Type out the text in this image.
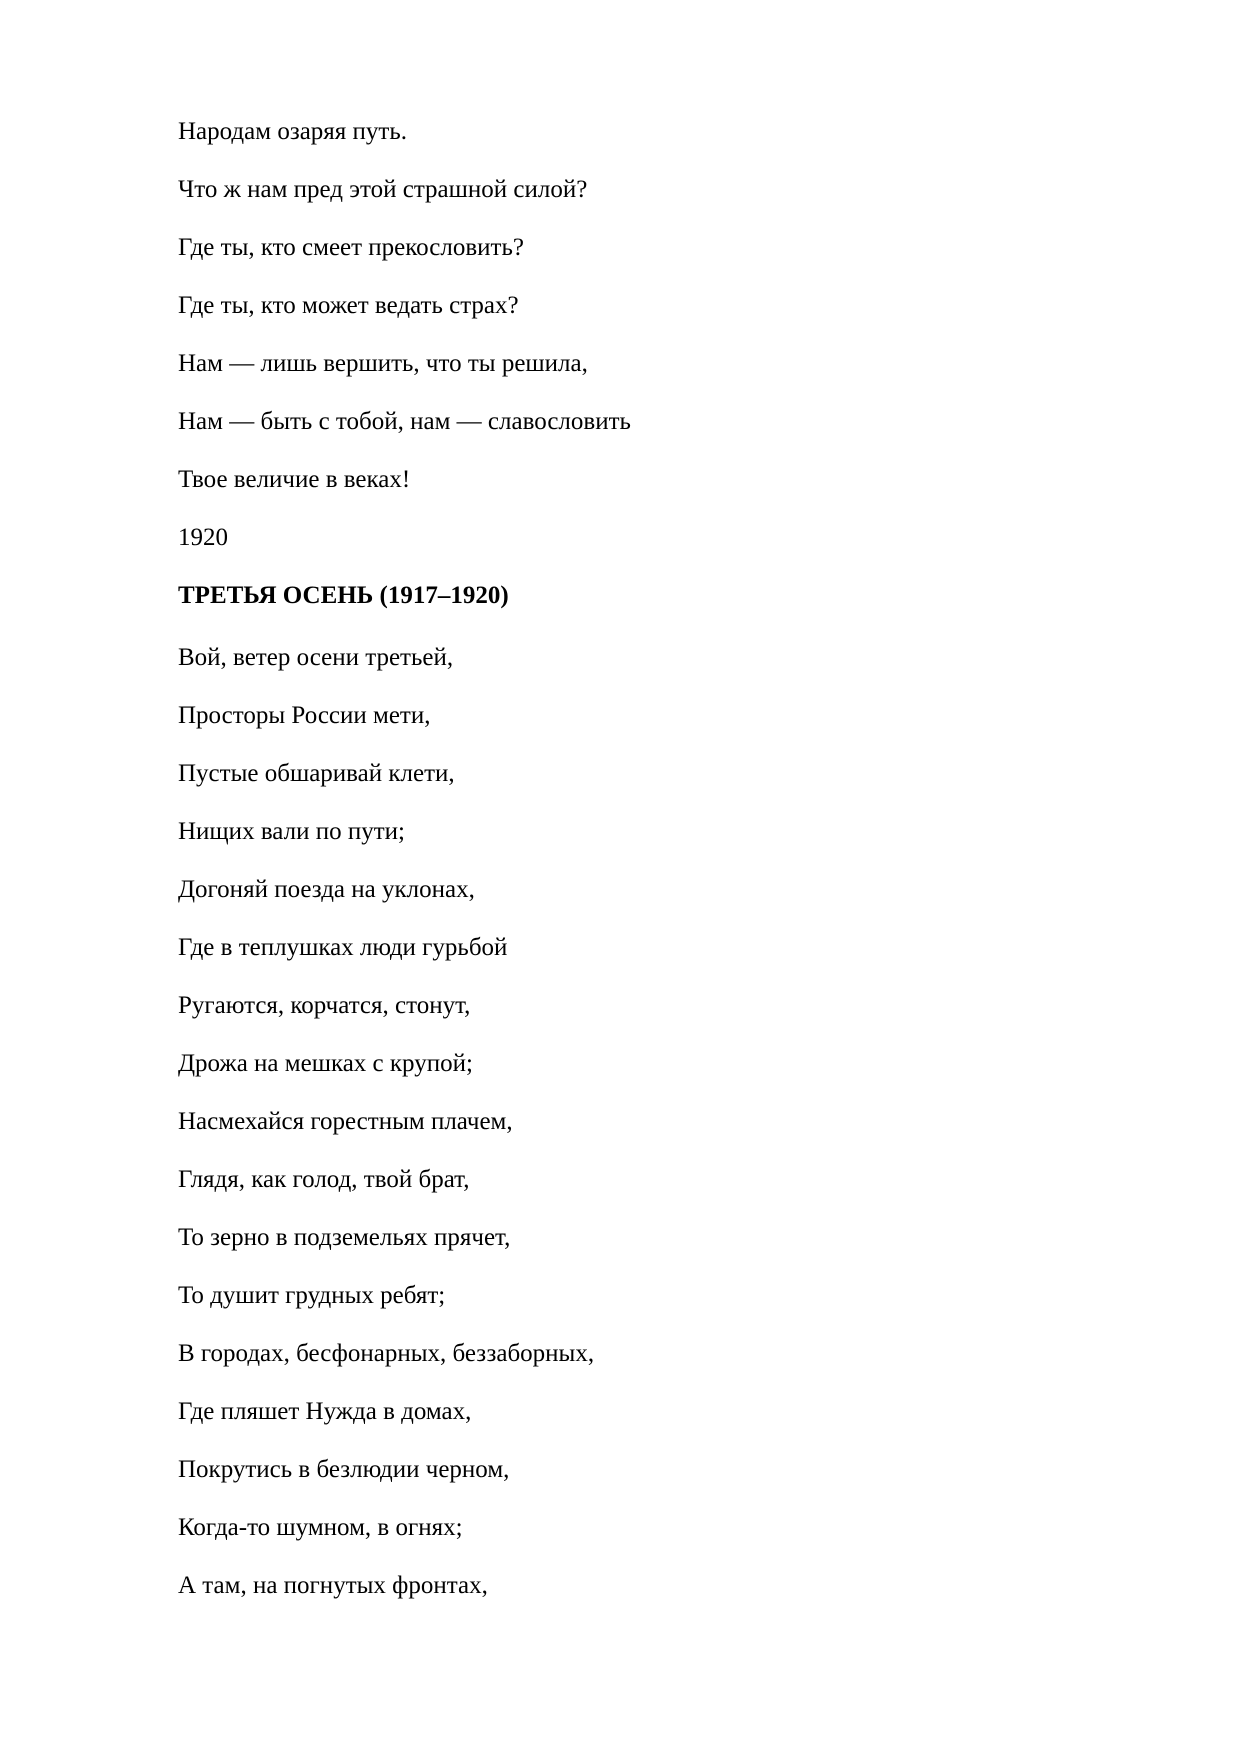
Народам озаряя путь.
Что ж нам пред этой страшной силой?
Где ты, кто смеет прекословить?
Где ты, кто может ведать страх?
Нам — лишь вершить, что ты решила,
Нам — быть с тобой, нам — славословить
Твое величие в веках!
1920
ТРЕТЬЯ ОСЕНЬ (1917–1920)
Вой, ветер осени третьей,
Просторы России мети,
Пустые обшаривай клети,
Нищих вали по пути;
Догоняй поезда на уклонах,
Где в теплушках люди гурьбой
Ругаются, корчатся, стонут,
Дрожа на мешках с крупой;
Насмехайся горестным плачем,
Глядя, как голод, твой брат,
То зерно в подземельях прячет,
То душит грудных ребят;
В городах, бесфонарных, беззаборных,
Где пляшет Нужда в домах,
Покрутись в безлюдии черном,
Когда-то шумном, в огнях;
А там, на погнутых фронтах,
